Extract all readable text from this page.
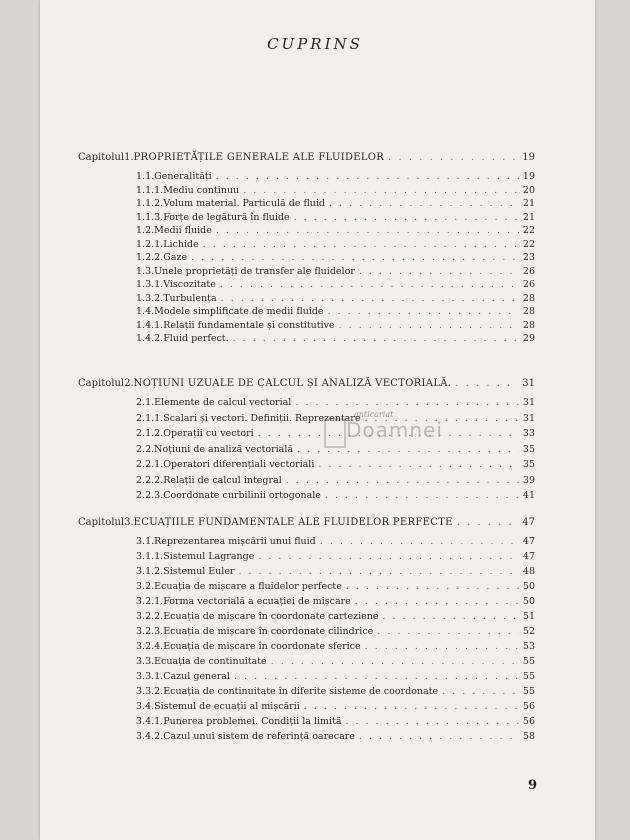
CUPRINS
anticariat
Doamnei
Capitolul 1. PROPRIETĂȚILE GENERALE ALE FLUIDELOR . . .	19
1.1. Generalități . . .	19
1.1.1. Mediu continuu . . .	20
1.1.2. Volum material. Particulă de fluid . . .	21
1.1.3. Forțe de legătură în fluide . . .	21
1.2. Medii fluide . . .	22
1.2.1. Lichide . . .	22
1.2.2. Gaze . . .	23
1.3. Unele proprietăți de transfer ale fluidelor . . .	26
1.3.1. Viscozitate . . .	26
1.3.2. Turbulența . . .	28
1.4. Modele simplificate de medii fluide . . .	28
1.4.1. Relații fundamentale și constitutive . . .	28
1.4.2. Fluid perfect. . . .	29
Capitolul 2. NOȚIUNI UZUALE DE CALCUL ȘI ANALIZĂ VECTORIALĂ. . . .	31
2.1. Elemente de calcul vectorial . . .	31
2.1.1. Scalari și vectori. Definiții. Reprezentare . . .	31
2.1.2. Operații cu vectori . . .	33
2.2. Noțiuni de analiză vectorială . . .	35
2.2.1. Operatori diferențiali vectoriali . . .	35
2.2.2. Relații de calcul integral . . .	39
2.2.3. Coordonate curbilinii ortogonale . . .	41
Capitolul 3. ECUAȚIILE FUNDAMENTALE ALE FLUIDELOR PERFECTE . . .	47
3.1. Reprezentarea mișcării unui fluid . . .	47
3.1.1. Sistemul Lagrange . . .	47
3.1.2. Sistemul Euler . . .	48
3.2. Ecuația de mișcare a fluidelor perfecte . . .	50
3.2.1. Forma vectorială a ecuației de mișcare . . .	50
3.2.2. Ecuația de mișcare în coordonate carteziene . . .	51
3.2.3. Ecuația de mișcare în coordonate cilindrice . . .	52
3.2.4. Ecuația de mișcare în coordonate sferice . . .	53
3.3. Ecuația de continuitate . . .	55
3.3.1. Cazul general . . .	55
3.3.2. Ecuația de continuitate în diferite sisteme de coordonate . . .	55
3.4. Sistemul de ecuații al mișcării . . .	56
3.4.1. Punerea problemei. Condiții la limită . . .	56
3.4.2. Cazul unui sistem de referință oarecare . . .	58
9
